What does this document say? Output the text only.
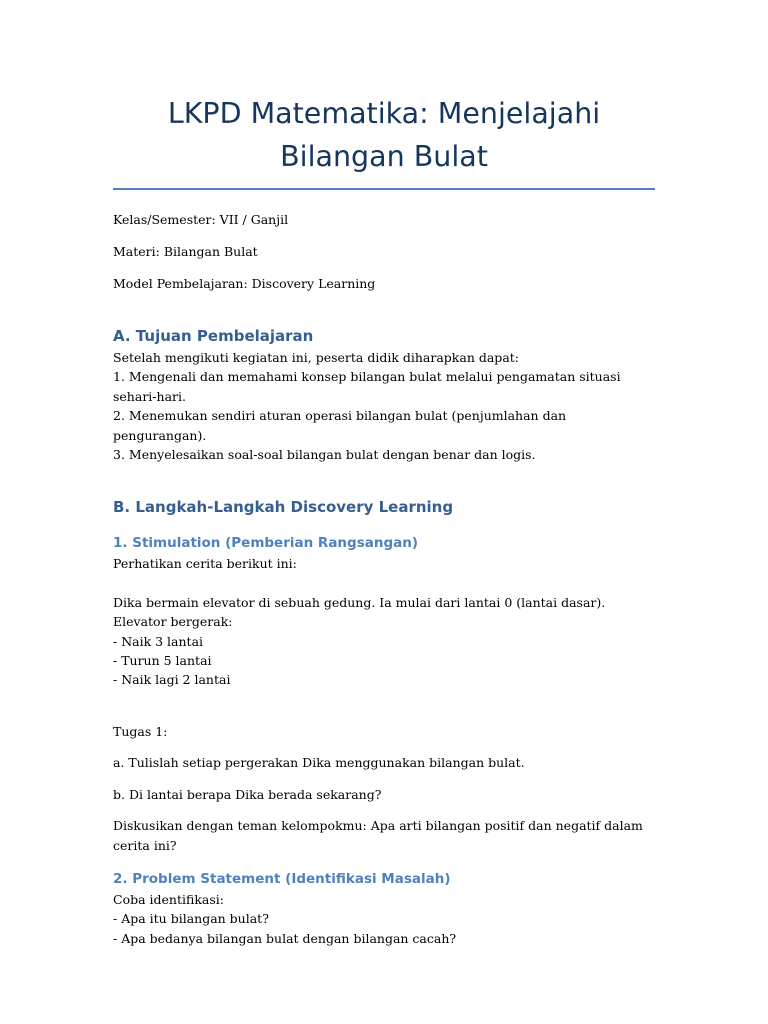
LKPD Matematika: Menjelajahi Bilangan Bulat

Kelas/Semester: VII / Ganjil

Materi: Bilangan Bulat

Model Pembelajaran: Discovery Learning

A. Tujuan Pembelajaran

Setelah mengikuti kegiatan ini, peserta didik diharapkan dapat:

1. Mengenali dan memahami konsep bilangan bulat melalui pengamatan situasi sehari-hari.

2. Menemukan sendiri aturan operasi bilangan bulat (penjumlahan dan pengurangan).

3. Menyelesaikan soal-soal bilangan bulat dengan benar dan logis.

B. Langkah-Langkah Discovery Learning
1. Stimulation (Pemberian Rangsangan)

Perhatikan cerita berikut ini:

Dika bermain elevator di sebuah gedung. Ia mulai dari lantai 0 (lantai dasar). Elevator bergerak:

- Naik 3 lantai

- Turun 5 lantai

- Naik lagi 2 lantai

Tugas 1:

a. Tulislah setiap pergerakan Dika menggunakan bilangan bulat.

b. Di lantai berapa Dika berada sekarang?

Diskusikan dengan teman kelompokmu: Apa arti bilangan positif dan negatif dalam cerita ini?

2. Problem Statement (Identifikasi Masalah)

Coba identifikasi:

- Apa itu bilangan bulat?

- Apa bedanya bilangan bulat dengan bilangan cacah?
